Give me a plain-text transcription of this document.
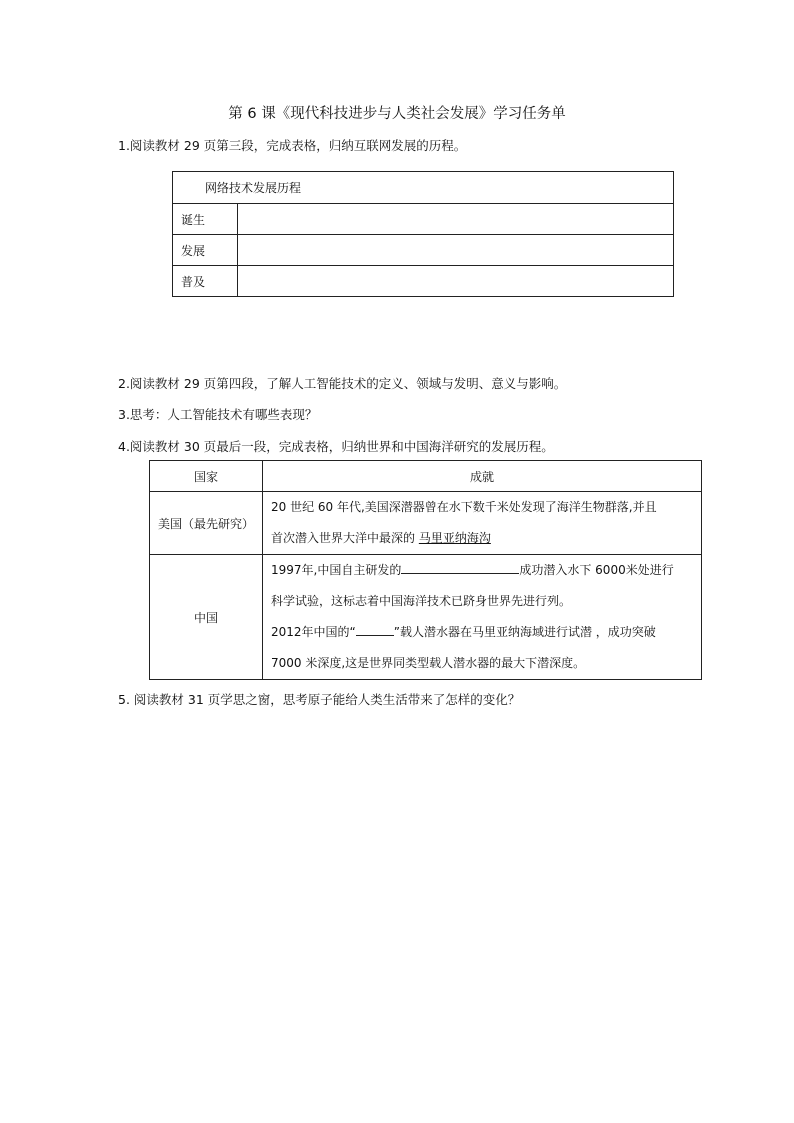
第 6 课《现代科技进步与人类社会发展》学习任务单
1.阅读教材 29 页第三段，完成表格，归纳互联网发展的历程。
网络技术发展历程	
诞生	
发展	
普及	
2.阅读教材 29 页第四段，了解人工智能技术的定义、领域与发明、意义与影响。
3.思考：人工智能技术有哪些表现？
4.阅读教材 30 页最后一段，完成表格，归纳世界和中国海洋研究的发展历程。
国家	成就
美国（最先研究）	20 世纪 60 年代,美国深潜器曾在水下数千米处发现了海洋生物群落,并且
首次潜入世界大洋中最深的 马里亚纳海沟

中国	1997年,中国自主研发的 成功潜入水下 6000米处进行
科学试验，这标志着中国海洋技术已跻身世界先进行列。
2012年中国的“ ”载人潜水器在马里亚纳海域进行试潜 ，成功突破
7000 米深度,这是世界同类型载人潜水器的最大下潜深度。
5. 阅读教材 31 页学思之窗，思考原子能给人类生活带来了怎样的变化？
